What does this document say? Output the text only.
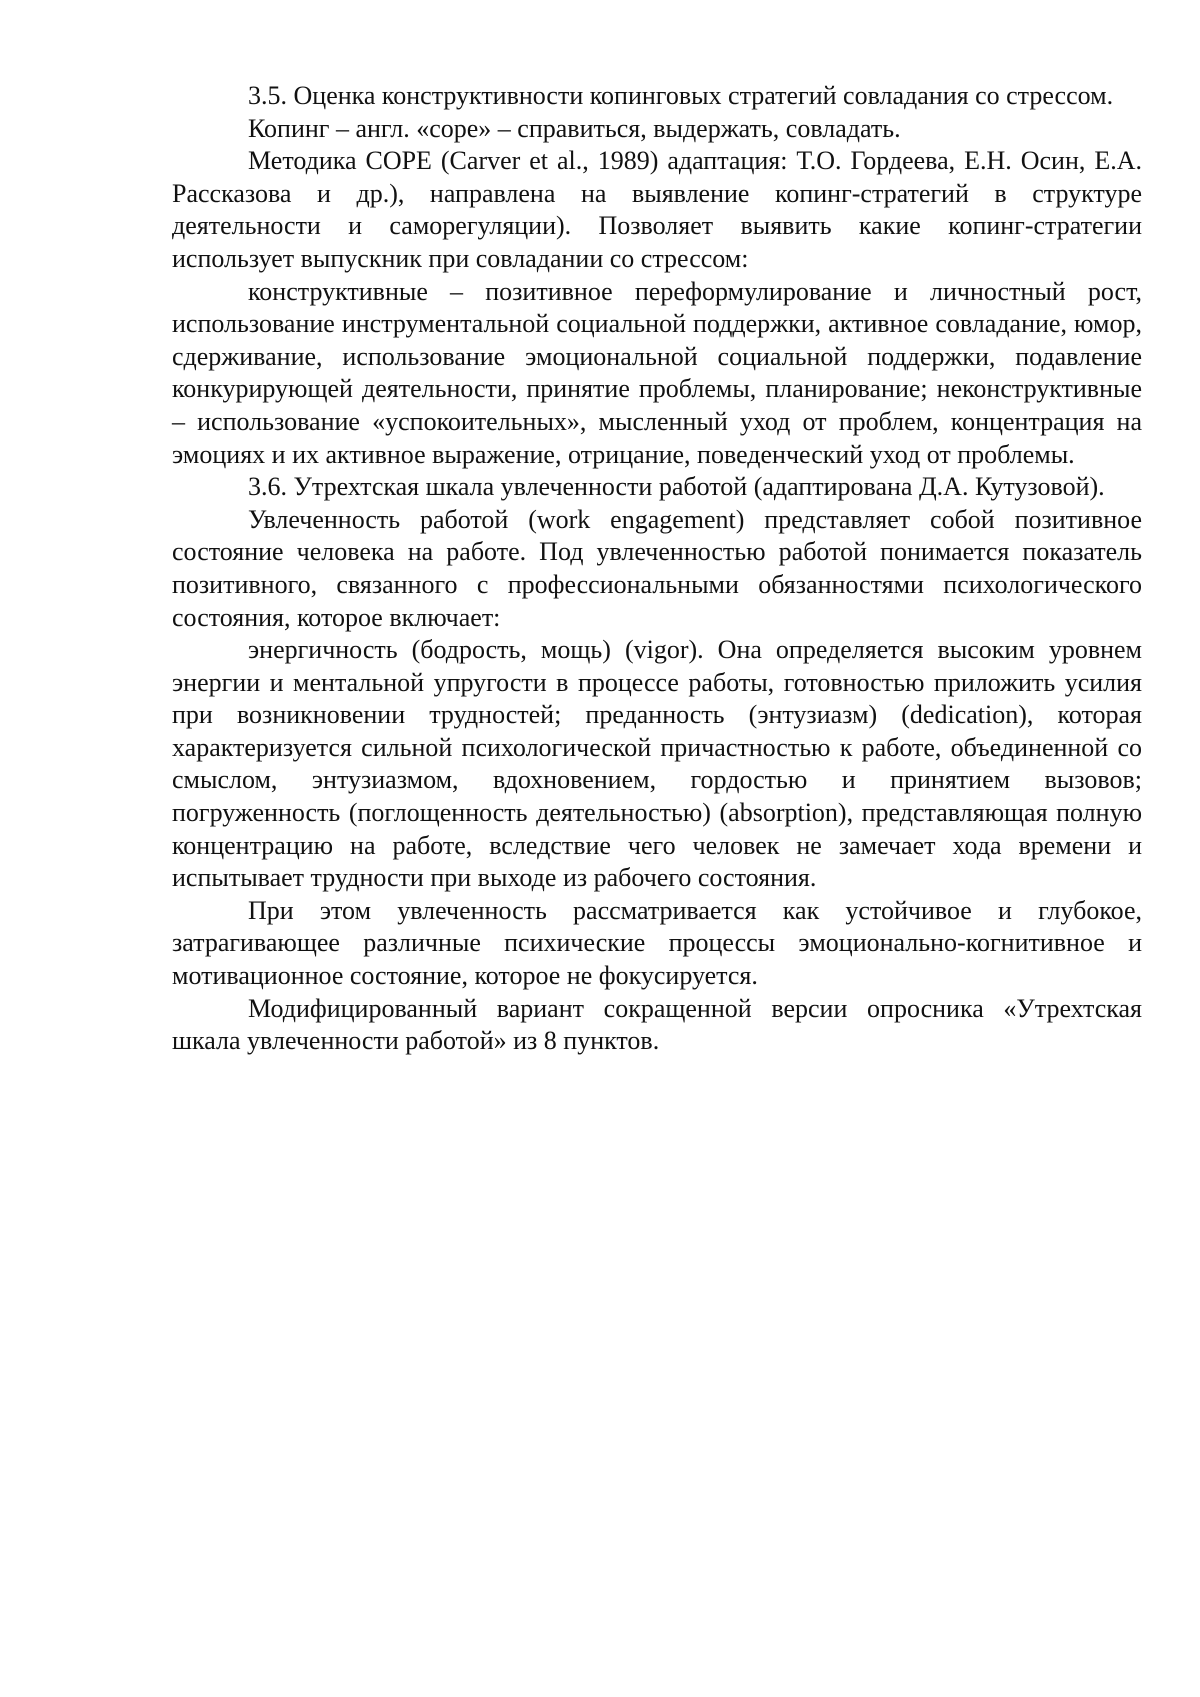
3.5. Оценка конструктивности копинговых стратегий совладания со стрессом.

Копинг – англ. «cope» – справиться, выдержать, совладать.

Методика СОРЕ (Carver et al., 1989) адаптация: Т.О. Гордеева, Е.Н. Осин, Е.А. Рассказова и др.), направлена на выявление копинг-стратегий в структуре деятельности и саморегуляции). Позволяет выявить какие копинг-стратегии использует выпускник при совладании со стрессом:

конструктивные – позитивное переформулирование и личностный рост, использование инструментальной социальной поддержки, активное совладание, юмор, сдерживание, использование эмоциональной социальной поддержки, подавление конкурирующей деятельности, принятие проблемы, планирование; неконструктивные – использование «успокоительных», мысленный уход от проблем, концентрация на эмоциях и их активное выражение, отрицание, поведенческий уход от проблемы.

3.6. Утрехтская шкала увлеченности работой (адаптирована Д.А. Кутузовой).

Увлеченность работой (work engagement) представляет собой позитивное состояние человека на работе. Под увлеченностью работой понимается показатель позитивного, связанного с профессиональными обязанностями психологического состояния, которое включает:

энергичность (бодрость, мощь) (vigor). Она определяется высоким уровнем энергии и ментальной упругости в процессе работы, готовностью приложить усилия при возникновении трудностей; преданность (энтузиазм) (dedication), которая характеризуется сильной психологической причастностью к работе, объединенной со смыслом, энтузиазмом, вдохновением, гордостью и принятием вызовов; погруженность (поглощенность деятельностью) (absorption), представляющая полную концентрацию на работе, вследствие чего человек не замечает хода времени и испытывает трудности при выходе из рабочего состояния.

При этом увлеченность рассматривается как устойчивое и глубокое, затрагивающее различные психические процессы эмоционально-когнитивное и мотивационное состояние, которое не фокусируется.

Модифицированный вариант сокращенной версии опросника «Утрехтская шкала увлеченности работой» из 8 пунктов.
